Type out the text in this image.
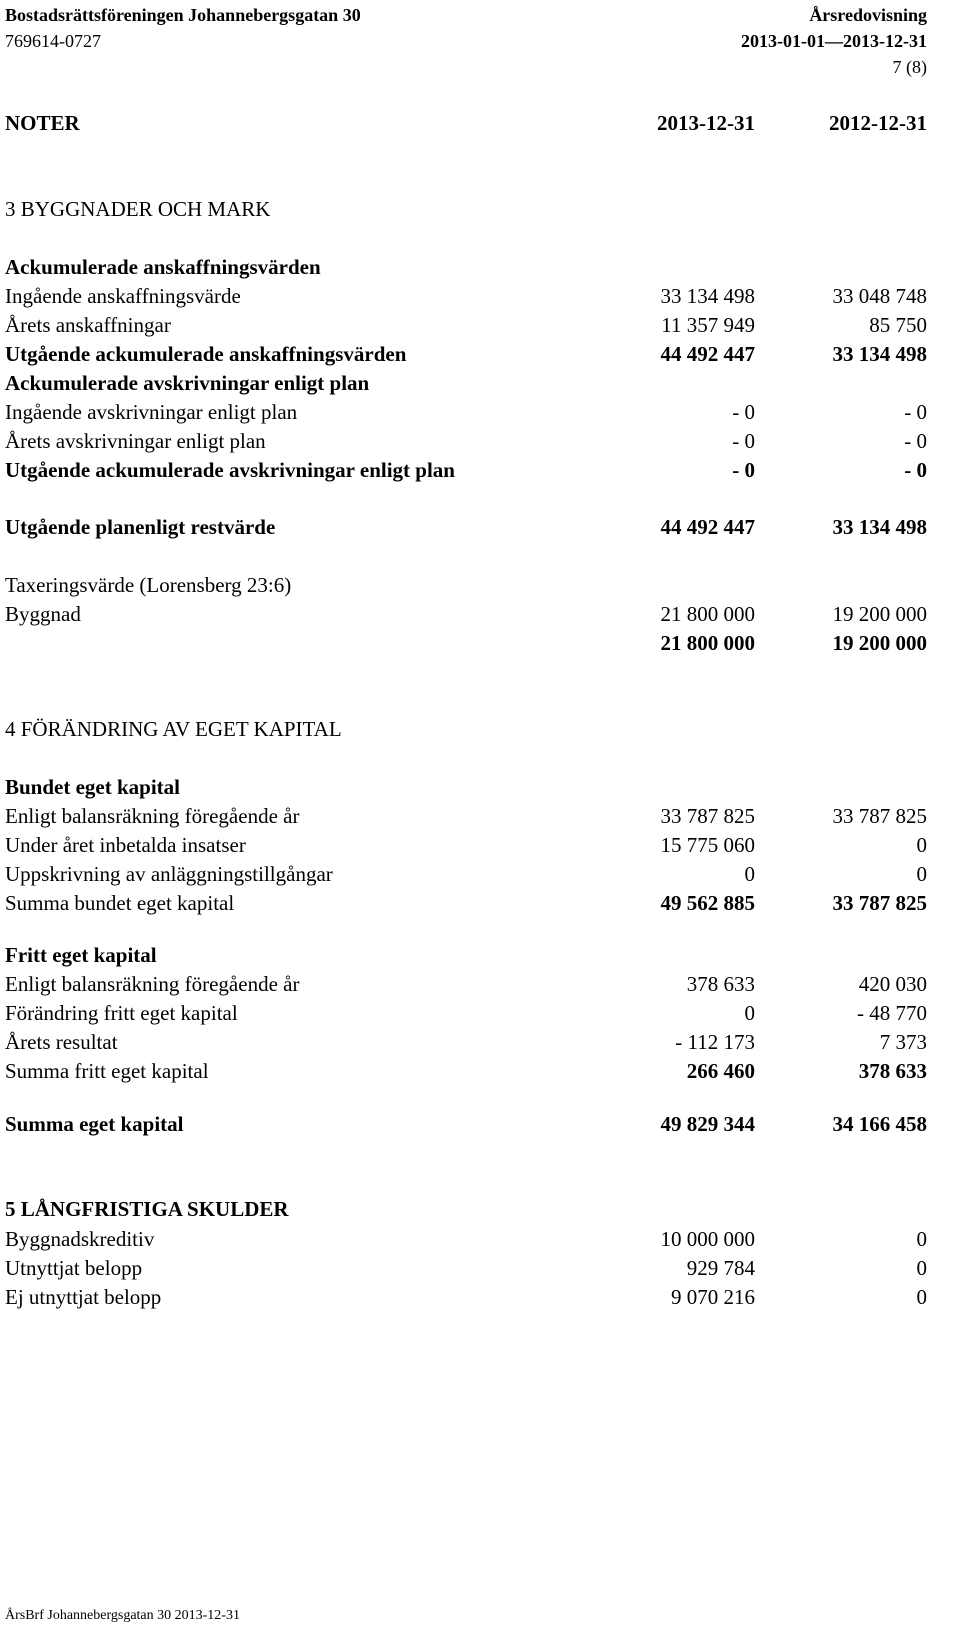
Bostadsrättsföreningen Johannebergsgatan 30	Årsredovisning
769614-0727	2013-01-01—2013-12-31
7 (8)
NOTER	2013-12-31	2012-12-31
3 BYGGNADER OCH MARK
Ackumulerade anskaffningsvärden
Ingående anskaffningsvärde	33 134 498	33 048 748
Årets anskaffningar	11 357 949	85 750
Utgående ackumulerade anskaffningsvärden	44 492 447	33 134 498
Ackumulerade avskrivningar enligt plan
Ingående avskrivningar enligt plan	- 0	- 0
Årets avskrivningar enligt plan	- 0	- 0
Utgående ackumulerade avskrivningar enligt plan	- 0	- 0
Utgående planenligt restvärde	44 492 447	33 134 498
Taxeringsvärde (Lorensberg 23:6)
Byggnad	21 800 000	19 200 000
21 800 000	19 200 000
4 FÖRÄNDRING AV EGET KAPITAL
Bundet eget kapital
Enligt balansräkning föregående år	33 787 825	33 787 825
Under året inbetalda insatser	15 775 060	0
Uppskrivning av anläggningstillgångar	0	0
Summa bundet eget kapital	49 562 885	33 787 825
Fritt eget kapital
Enligt balansräkning föregående år	378 633	420 030
Förändring fritt eget kapital	0	- 48 770
Årets resultat	- 112 173	7 373
Summa fritt eget kapital	266 460	378 633
Summa eget kapital	49 829 344	34 166 458
5 LÅNGFRISTIGA SKULDER
Byggnadskreditiv	10 000 000	0
Utnyttjat belopp	929 784	0
Ej utnyttjat belopp	9 070 216	0
ÅrsBrf Johannebergsgatan 30 2013-12-31
